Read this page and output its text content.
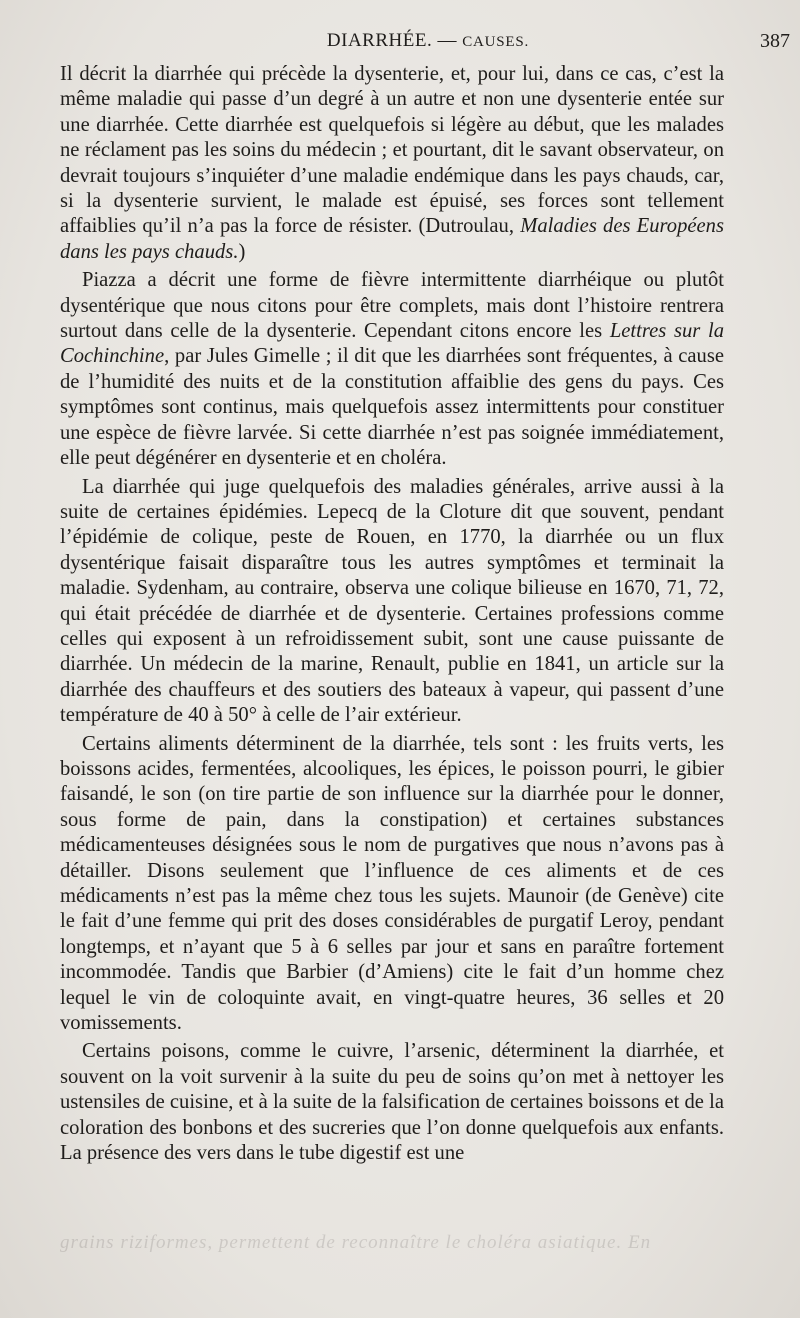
DIARRHÉE. — CAUSES.	387

Il décrit la diarrhée qui précède la dysenterie, et, pour lui, dans ce cas, c’est la même maladie qui passe d’un degré à un autre et non une dysenterie entée sur une diarrhée. Cette diarrhée est quelquefois si légère au début, que les malades ne réclament pas les soins du médecin ; et pourtant, dit le savant observateur, on devrait toujours s’inquiéter d’une maladie endémique dans les pays chauds, car, si la dysenterie survient, le malade est épuisé, ses forces sont tellement affaiblies qu’il n’a pas la force de résister. (Dutroulau, Maladies des Européens dans les pays chauds.)

Piazza a décrit une forme de fièvre intermittente diarrhéique ou plutôt dysentérique que nous citons pour être complets, mais dont l’histoire rentrera surtout dans celle de la dysenterie. Cependant citons encore les Lettres sur la Cochinchine, par Jules Gimelle ; il dit que les diarrhées sont fréquentes, à cause de l’humidité des nuits et de la constitution affaiblie des gens du pays. Ces symptômes sont continus, mais quelquefois assez intermittents pour constituer une espèce de fièvre larvée. Si cette diarrhée n’est pas soignée immédiatement, elle peut dégénérer en dysenterie et en choléra.

La diarrhée qui juge quelquefois des maladies générales, arrive aussi à la suite de certaines épidémies. Lepecq de la Cloture dit que souvent, pendant l’épidémie de colique, peste de Rouen, en 1770, la diarrhée ou un flux dysentérique faisait disparaître tous les autres symptômes et terminait la maladie. Sydenham, au contraire, observa une colique bilieuse en 1670, 71, 72, qui était précédée de diarrhée et de dysenterie. Certaines professions comme celles qui exposent à un refroidissement subit, sont une cause puissante de diarrhée. Un médecin de la marine, Renault, publie en 1841, un article sur la diarrhée des chauffeurs et des soutiers des bateaux à vapeur, qui passent d’une température de 40 à 50° à celle de l’air extérieur.

Certains aliments déterminent de la diarrhée, tels sont : les fruits verts, les boissons acides, fermentées, alcooliques, les épices, le poisson pourri, le gibier faisandé, le son (on tire partie de son influence sur la diarrhée pour le donner, sous forme de pain, dans la constipation) et certaines substances médicamenteuses désignées sous le nom de purgatives que nous n’avons pas à détailler. Disons seulement que l’influence de ces aliments et de ces médicaments n’est pas la même chez tous les sujets. Maunoir (de Genève) cite le fait d’une femme qui prit des doses considérables de purgatif Leroy, pendant longtemps, et n’ayant que 5 à 6 selles par jour et sans en paraître fortement incommodée. Tandis que Barbier (d’Amiens) cite le fait d’un homme chez lequel le vin de coloquinte avait, en vingt-quatre heures, 36 selles et 20 vomissements.

Certains poisons, comme le cuivre, l’arsenic, déterminent la diarrhée, et souvent on la voit survenir à la suite du peu de soins qu’on met à nettoyer les ustensiles de cuisine, et à la suite de la falsification de certaines boissons et de la coloration des bonbons et des sucreries que l’on donne quelquefois aux enfants. La présence des vers dans le tube digestif est une

grains riziformes, permettent de reconnaître le choléra asiatique. En
